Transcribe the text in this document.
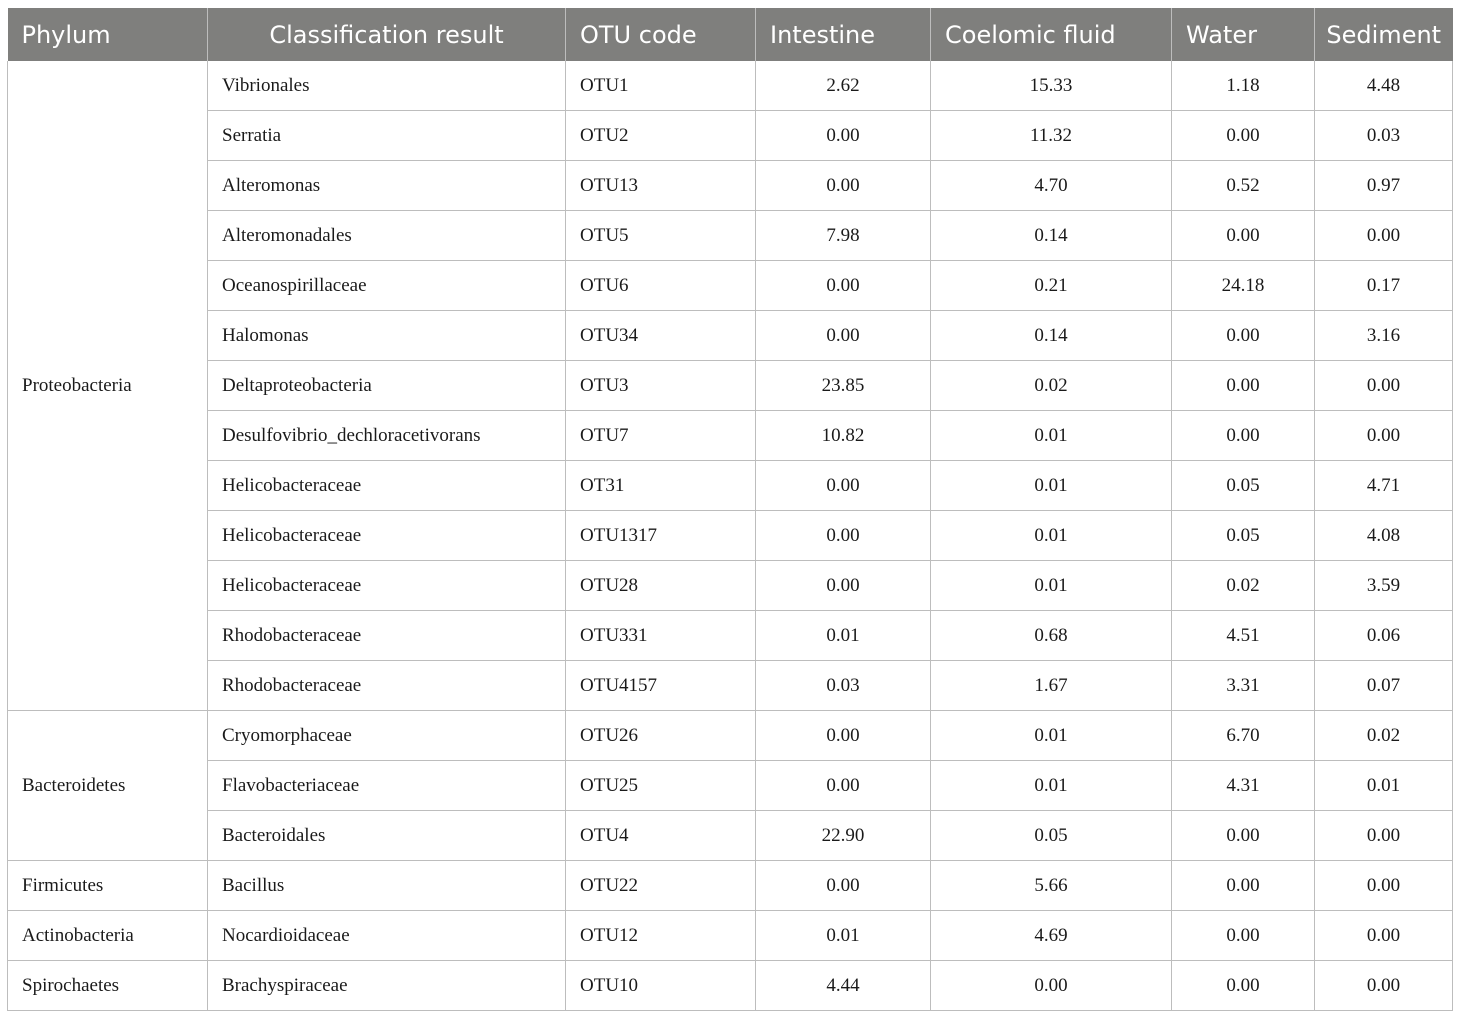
Phylum	Classification result	OTU code	Intestine	Coelomic fluid	Water	Sediment
Proteobacteria	Vibrionales	OTU1	2.62	15.33	1.18	4.48
	Serratia	OTU2	0.00	11.32	0.00	0.03
	Alteromonas	OTU13	0.00	4.70	0.52	0.97
	Alteromonadales	OTU5	7.98	0.14	0.00	0.00
	Oceanospirillaceae	OTU6	0.00	0.21	24.18	0.17
	Halomonas	OTU34	0.00	0.14	0.00	3.16
	Deltaproteobacteria	OTU3	23.85	0.02	0.00	0.00
	Desulfovibrio_dechloracetivorans	OTU7	10.82	0.01	0.00	0.00
	Helicobacteraceae	OT31	0.00	0.01	0.05	4.71
	Helicobacteraceae	OTU1317	0.00	0.01	0.05	4.08
	Helicobacteraceae	OTU28	0.00	0.01	0.02	3.59
	Rhodobacteraceae	OTU331	0.01	0.68	4.51	0.06
	Rhodobacteraceae	OTU4157	0.03	1.67	3.31	0.07
Bacteroidetes	Cryomorphaceae	OTU26	0.00	0.01	6.70	0.02
	Flavobacteriaceae	OTU25	0.00	0.01	4.31	0.01
	Bacteroidales	OTU4	22.90	0.05	0.00	0.00
Firmicutes	Bacillus	OTU22	0.00	5.66	0.00	0.00
Actinobacteria	Nocardioidaceae	OTU12	0.01	4.69	0.00	0.00
Spirochaetes	Brachyspiraceae	OTU10	4.44	0.00	0.00	0.00
